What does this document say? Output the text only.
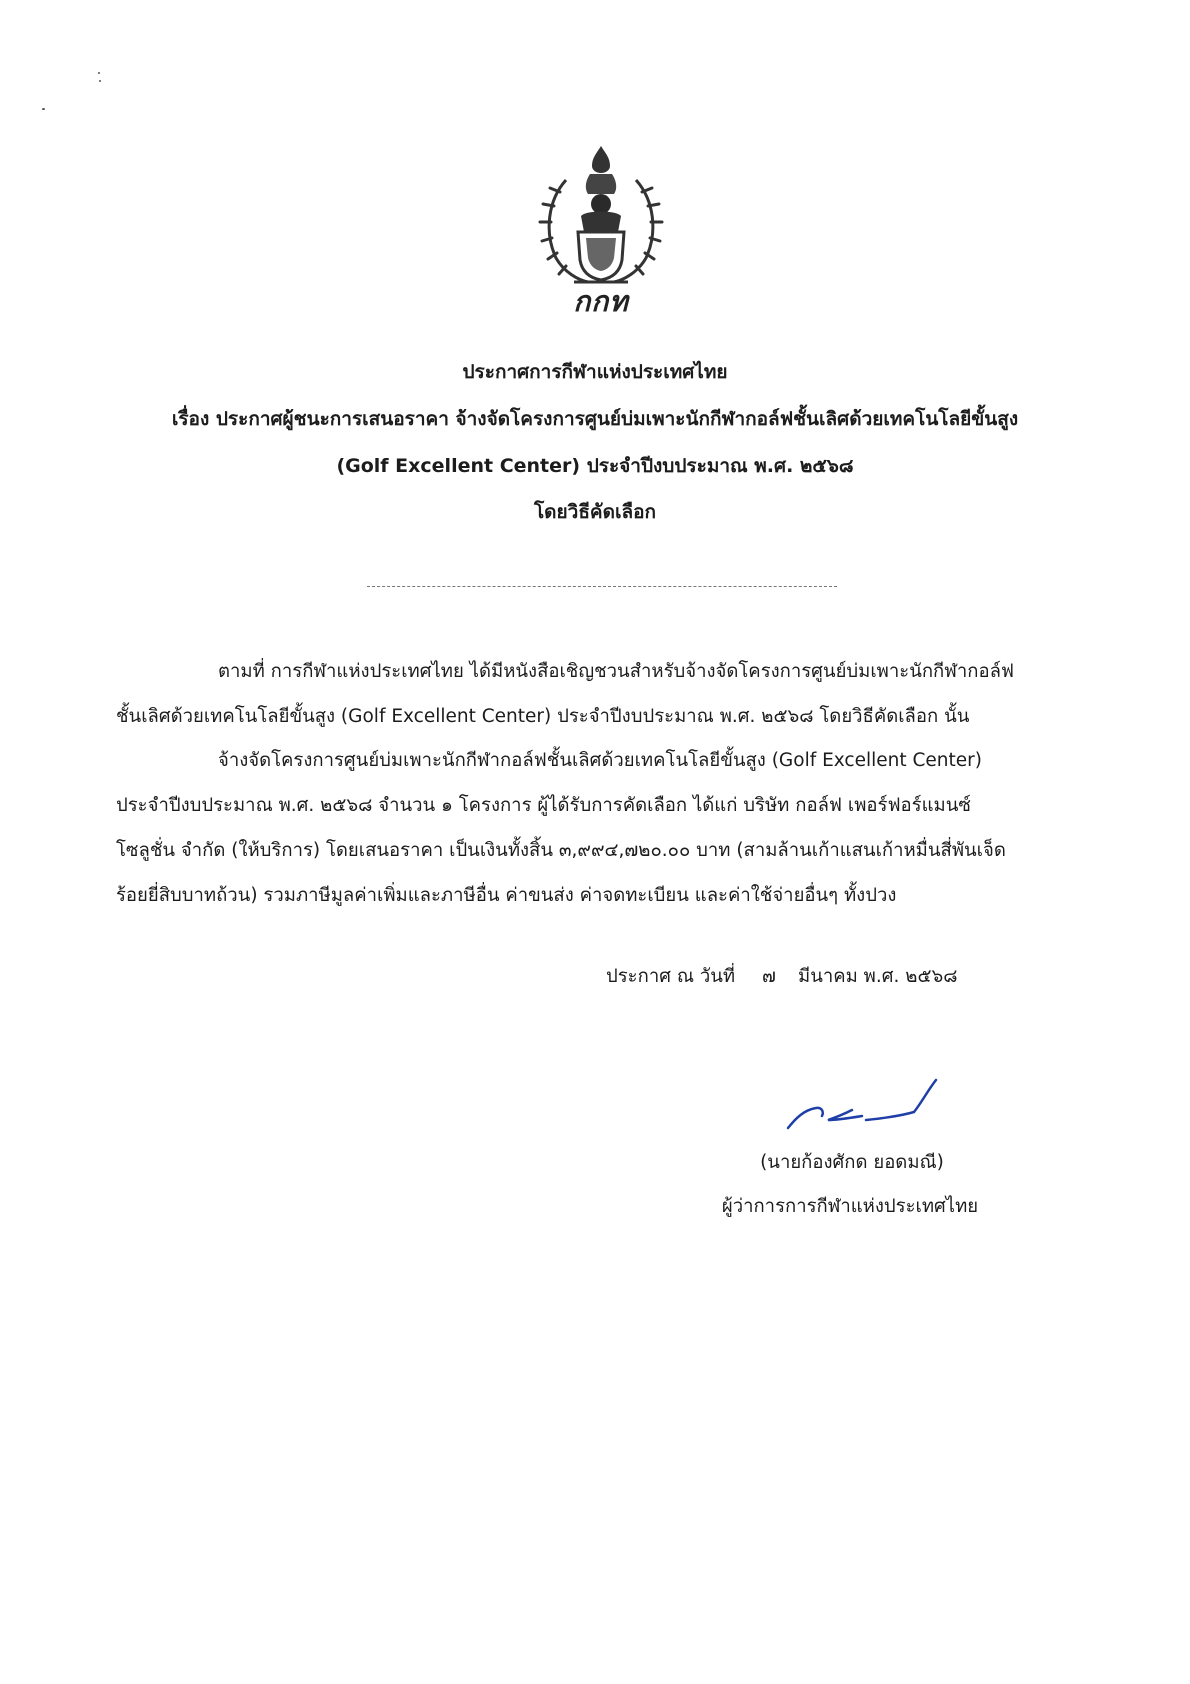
กกท
ประกาศการกีฬาแห่งประเทศไทย
เรื่อง ประกาศผู้ชนะการเสนอราคา จ้างจัดโครงการศูนย์บ่มเพาะนักกีฬากอล์ฟชั้นเลิศด้วยเทคโนโลยีขั้นสูง
(Golf Excellent Center) ประจำปีงบประมาณ พ.ศ. ๒๕๖๘
โดยวิธีคัดเลือก
ตามที่ การกีฬาแห่งประเทศไทย ได้มีหนังสือเชิญชวนสำหรับจ้างจัดโครงการศูนย์บ่มเพาะนักกีฬากอล์ฟ
ชั้นเลิศด้วยเทคโนโลยีขั้นสูง (Golf Excellent Center) ประจำปีงบประมาณ พ.ศ. ๒๕๖๘ โดยวิธีคัดเลือก นั้น
จ้างจัดโครงการศูนย์บ่มเพาะนักกีฬากอล์ฟชั้นเลิศด้วยเทคโนโลยีขั้นสูง (Golf Excellent Center)
ประจำปีงบประมาณ พ.ศ. ๒๕๖๘ จำนวน ๑ โครงการ ผู้ได้รับการคัดเลือก ได้แก่ บริษัท กอล์ฟ เพอร์ฟอร์แมนซ์
โซลูชั่น จำกัด (ให้บริการ) โดยเสนอราคา เป็นเงินทั้งสิ้น ๓,๙๙๔,๗๒๐.๐๐ บาท (สามล้านเก้าแสนเก้าหมื่นสี่พันเจ็ด
ร้อยยี่สิบบาทถ้วน) รวมภาษีมูลค่าเพิ่มและภาษีอื่น ค่าขนส่ง ค่าจดทะเบียน และค่าใช้จ่ายอื่นๆ ทั้งปวง
ประกาศ ณ วันที่ ๗ มีนาคม พ.ศ. ๒๕๖๘
(นายก้องศักด ยอดมณี)
ผู้ว่าการการกีฬาแห่งประเทศไทย
